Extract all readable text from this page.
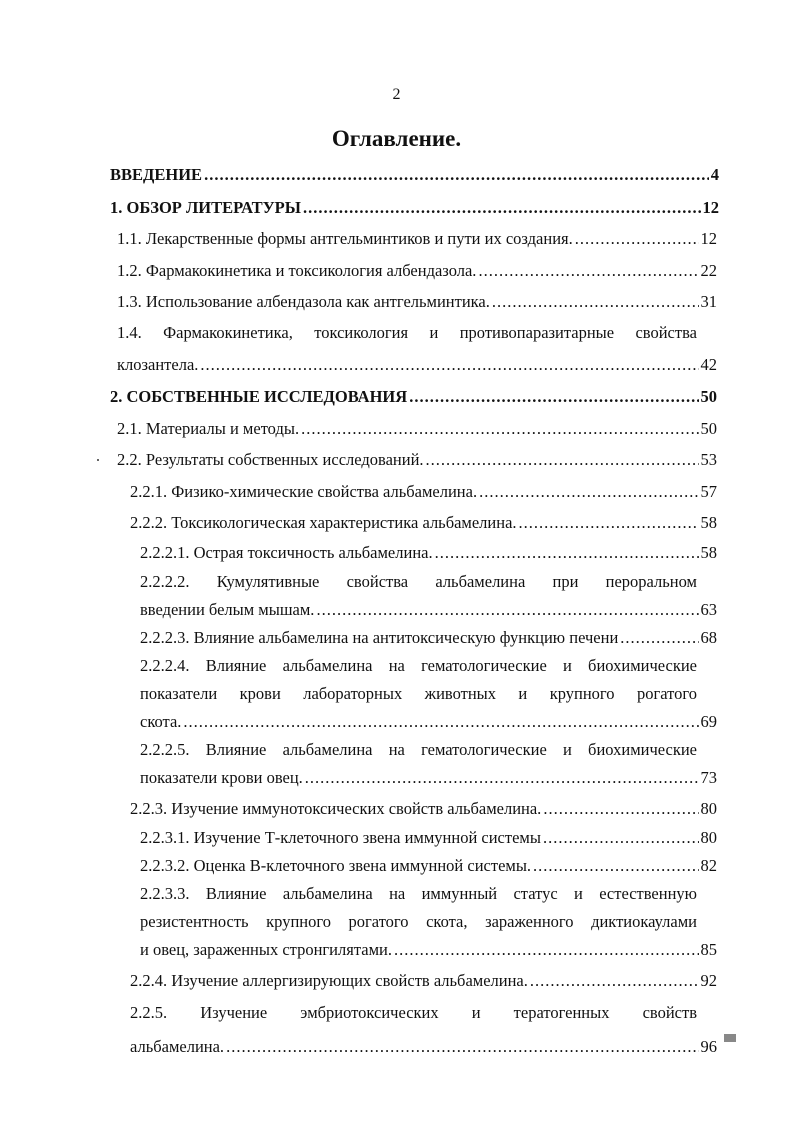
2
Оглавление.
ВВЕДЕНИЕ .....	4
1. ОБЗОР ЛИТЕРАТУРЫ .....	12
1.1. Лекарственные формы антгельминтиков и пути их создания. .....	12
1.2. Фармакокинетика и токсикология албендазола. .....	22
1.3. Использование албендазола как антгельминтика. .....	31
1.4. Фармакокинетика, токсикология и противопаразитарные свойства
клозантела. .....	42
2. СОБСТВЕННЫЕ ИССЛЕДОВАНИЯ .....	50
2.1. Материалы и методы. .....	50
2.2. Результаты собственных исследований. .....	53
2.2.1. Физико-химические свойства альбамелина. .....	57
2.2.2. Токсикологическая характеристика альбамелина. .....	58
2.2.2.1. Острая токсичность альбамелина. .....	58
2.2.2.2. Кумулятивные свойства альбамелина при пероральном
введении белым мышам. .....	63
2.2.2.3. Влияние альбамелина на антитоксическую функцию печени .....	68
2.2.2.4. Влияние альбамелина на гематологические и биохимические
показатели крови лабораторных животных и крупного рогатого
скота. .....	69
2.2.2.5. Влияние альбамелина на гематологические и биохимические
показатели крови овец. .....	73
2.2.3. Изучение иммунотоксических свойств альбамелина. .....	80
2.2.3.1. Изучение Т-клеточного звена иммунной системы .....	80
2.2.3.2. Оценка В-клеточного звена иммунной системы. .....	82
2.2.3.3. Влияние альбамелина на иммунный статус и естественную
резистентность крупного рогатого скота, зараженного диктиокаулами
и овец, зараженных стронгилятами. .....	85
2.2.4. Изучение аллергизирующих свойств альбамелина. .....	92
2.2.5. Изучение эмбриотоксических и тератогенных свойств
альбамелина. .....	96
